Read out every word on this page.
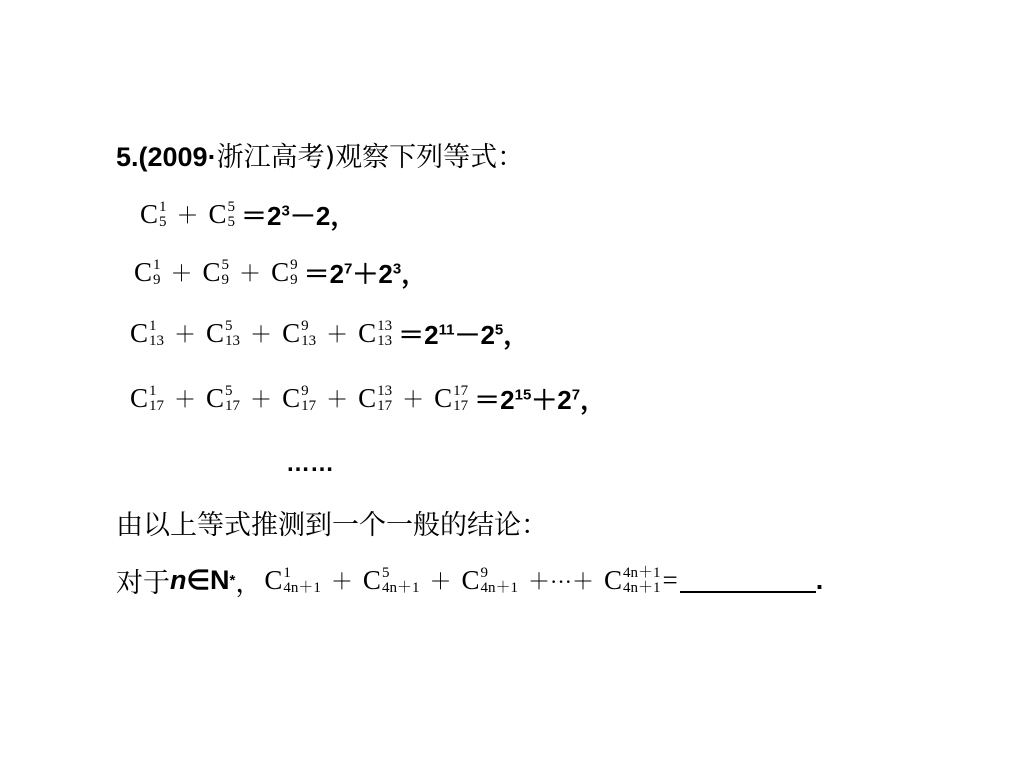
5.(2009·浙江高考)观察下列等式：
C 1
5 ＋ C 5
$5 =2^3-2$，
C 1
9 ＋ C 5
9 ＋ C 9
$9 =2^7+2^3$，
C 1
13 ＋ C 5
13 ＋ C 9
13 ＋ C 13
$13 =2^{11}-2^5$，
C 1
17 ＋ C 5
17 ＋ C 9
17 ＋ C 13
17 ＋ C 17
$17 =2^{15}+2^7$，
……
由以上等式推测到一个一般的结论：
对于 n ∈N * ， C 1
4n＋1 ＋ C 5
4n＋1 ＋ C 9
4n＋1 ＋···＋ C 4n＋1
4n＋1 =	.
